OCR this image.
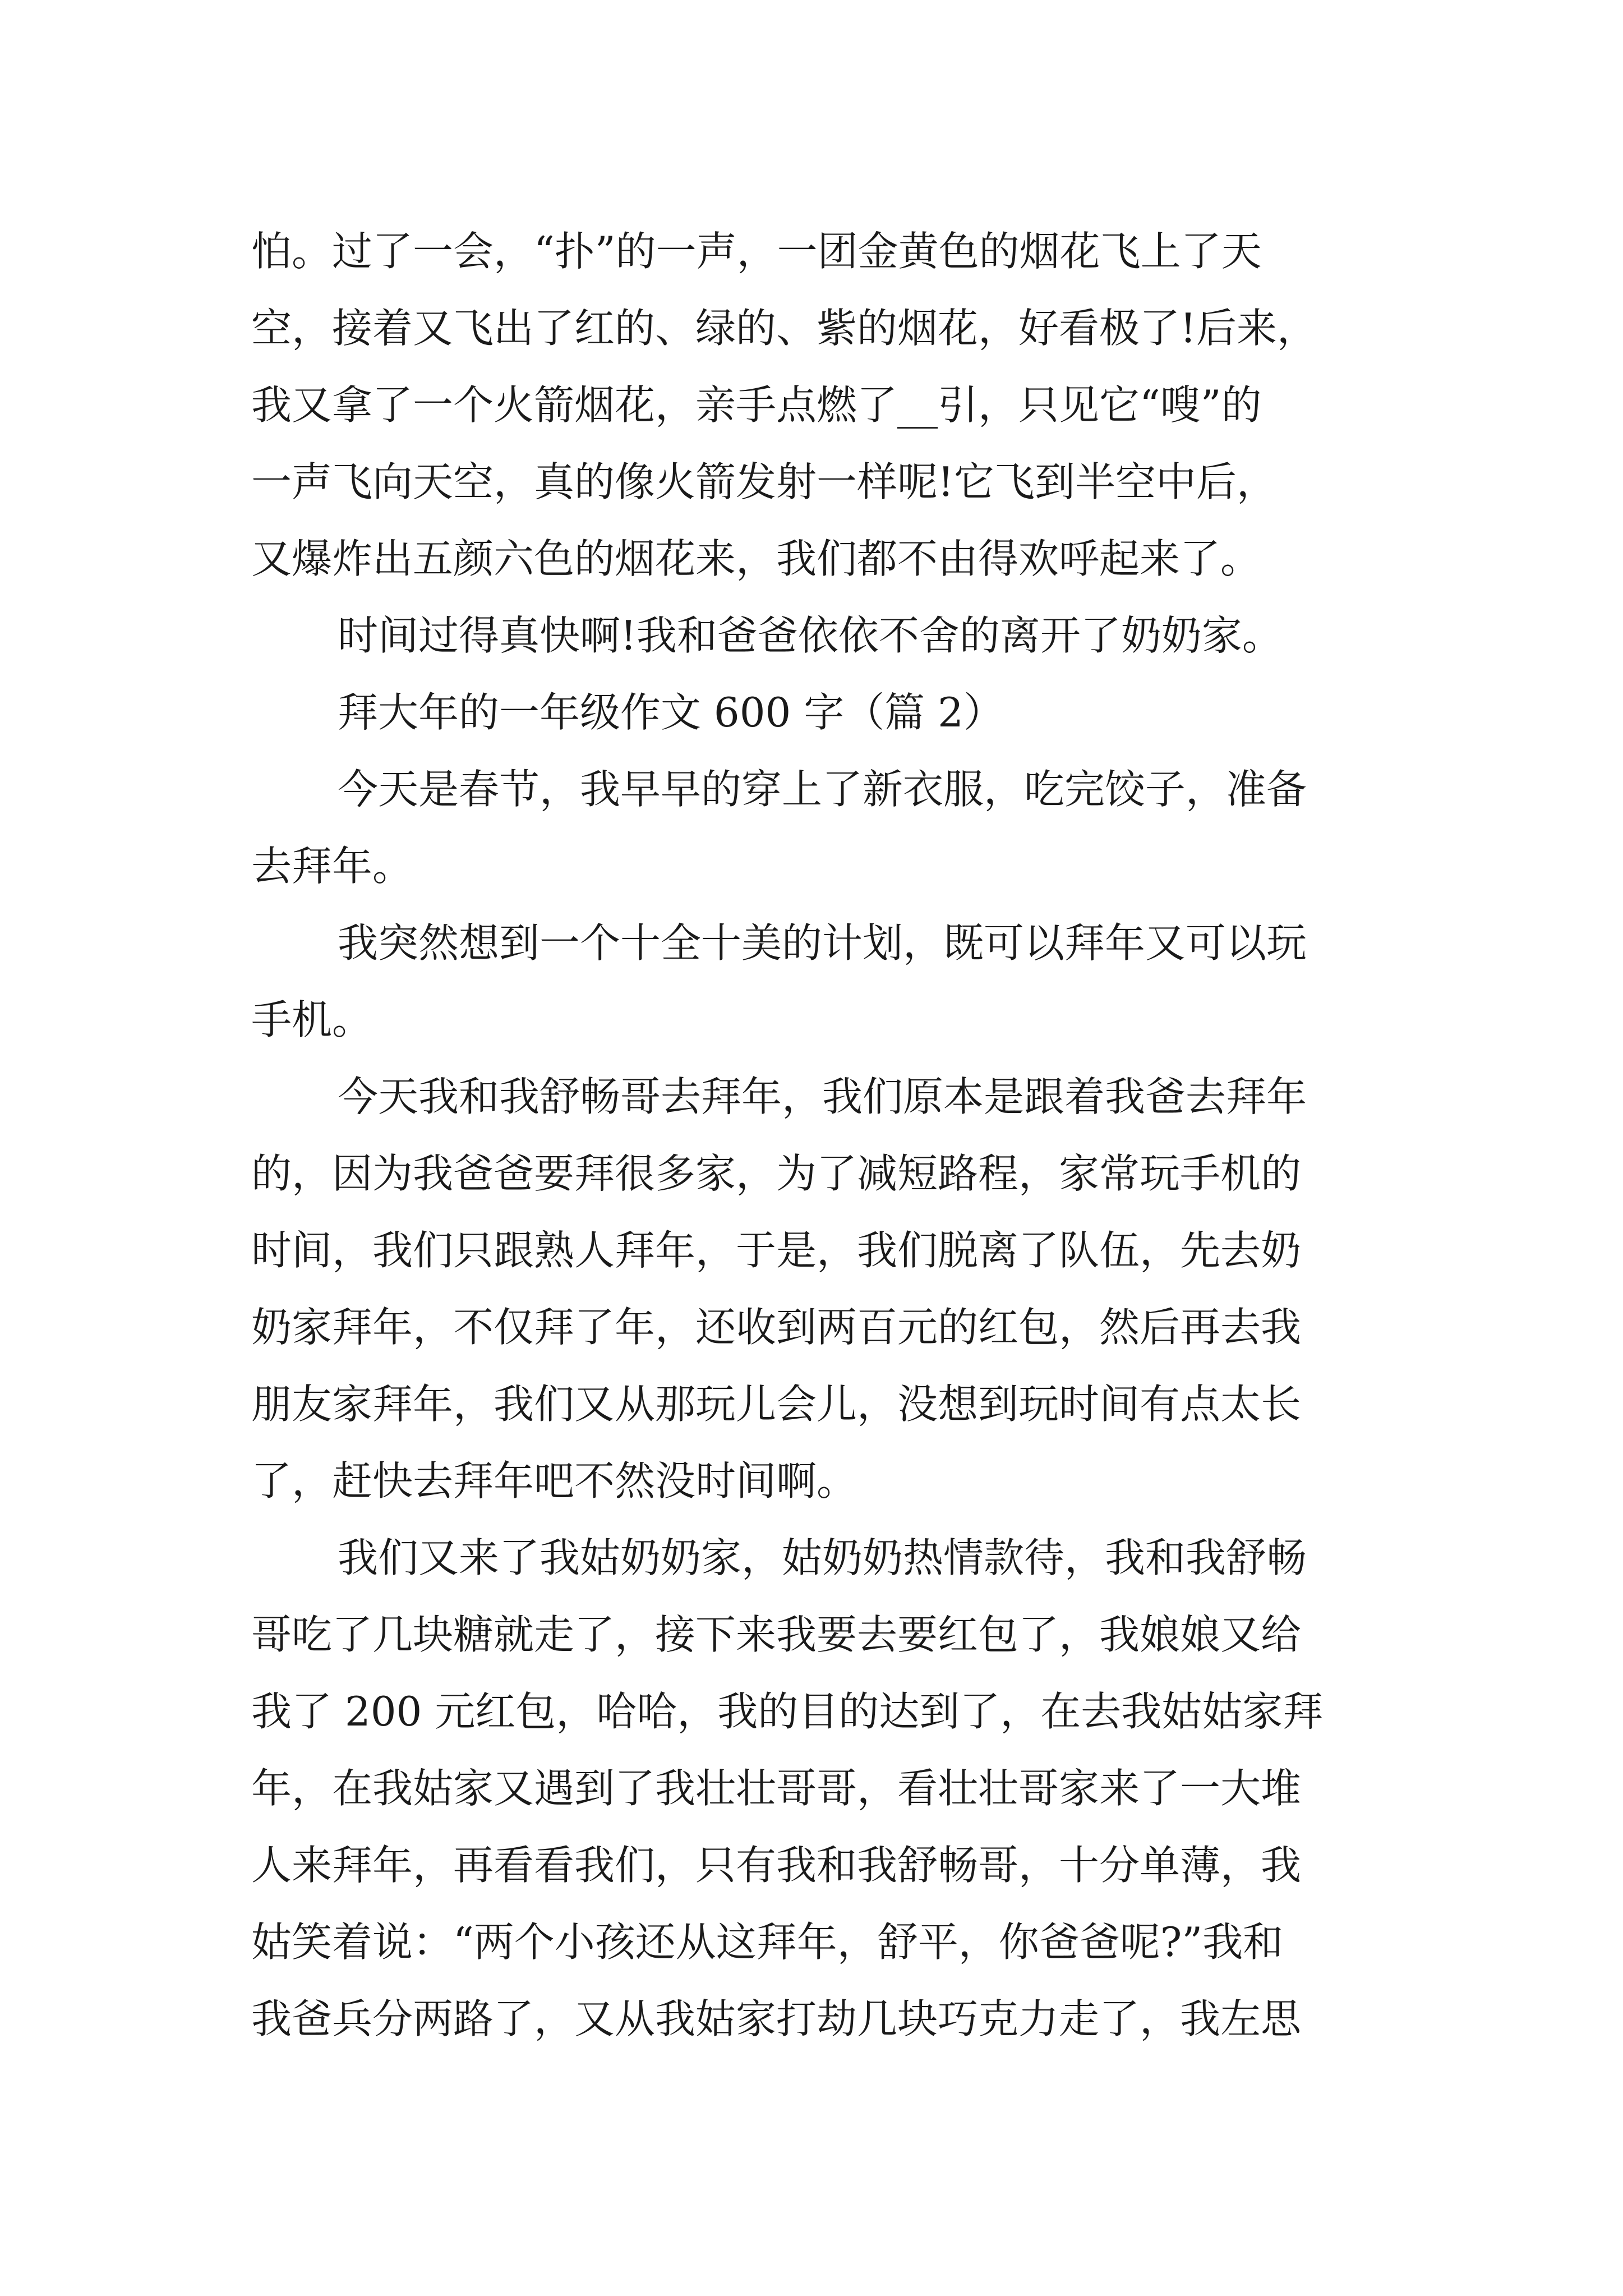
怕。过了一会，“扑”的一声，一团金黄色的烟花飞上了天
空，接着又飞出了红的、绿的、紫的烟花，好看极了!后来，
我又拿了一个火箭烟花，亲手点燃了__引，只见它“嗖”的
一声飞向天空，真的像火箭发射一样呢!它飞到半空中后，
又爆炸出五颜六色的烟花来，我们都不由得欢呼起来了。
时间过得真快啊!我和爸爸依依不舍的离开了奶奶家。
拜大年的一年级作文 600 字（篇 2）
今天是春节，我早早的穿上了新衣服，吃完饺子，准备
去拜年。
我突然想到一个十全十美的计划，既可以拜年又可以玩
手机。
今天我和我舒畅哥去拜年，我们原本是跟着我爸去拜年
的，因为我爸爸要拜很多家，为了减短路程，家常玩手机的
时间，我们只跟熟人拜年，于是，我们脱离了队伍，先去奶
奶家拜年，不仅拜了年，还收到两百元的红包，然后再去我
朋友家拜年，我们又从那玩儿会儿，没想到玩时间有点太长
了，赶快去拜年吧不然没时间啊。
我们又来了我姑奶奶家，姑奶奶热情款待，我和我舒畅
哥吃了几块糖就走了，接下来我要去要红包了，我娘娘又给
我了 200 元红包，哈哈，我的目的达到了，在去我姑姑家拜
年，在我姑家又遇到了我壮壮哥哥，看壮壮哥家来了一大堆
人来拜年，再看看我们，只有我和我舒畅哥，十分单薄，我
姑笑着说：“两个小孩还从这拜年，舒平，你爸爸呢?”我和
我爸兵分两路了，又从我姑家打劫几块巧克力走了，我左思
